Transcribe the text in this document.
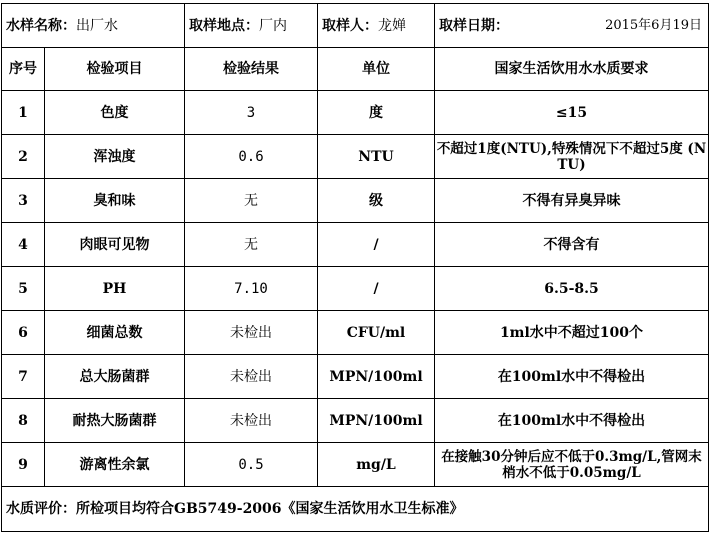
水样名称：出厂水		取样地点：厂内	取样人：龙婵	取样日期： 2015年6月19日

序号	检验项目	检验结果	单位	国家生活饮用水水质要求
1	色度	3	度	≤15
2	浑浊度	0.6	NTU	不超过1度(NTU),特殊情况下不超过5度 (NTU)

3	臭和味	无	级	不得有异臭异味
4	肉眼可见物	无	/	不得含有
5	PH	7.10	/	6.5-8.5
6	细菌总数	未检出	CFU/ml	1ml水中不超过100个
7	总大肠菌群	未检出	MPN/100ml	在100ml水中不得检出
8	耐热大肠菌群	未检出	MPN/100ml	在100ml水中不得检出
9	游离性余氯	0.5	mg/L	在接触30分钟后应不低于0.3mg/L,管网末梢水不低于0.05mg/L

水质评价：所检项目均符合GB5749-2006《国家生活饮用水卫生标准》				
